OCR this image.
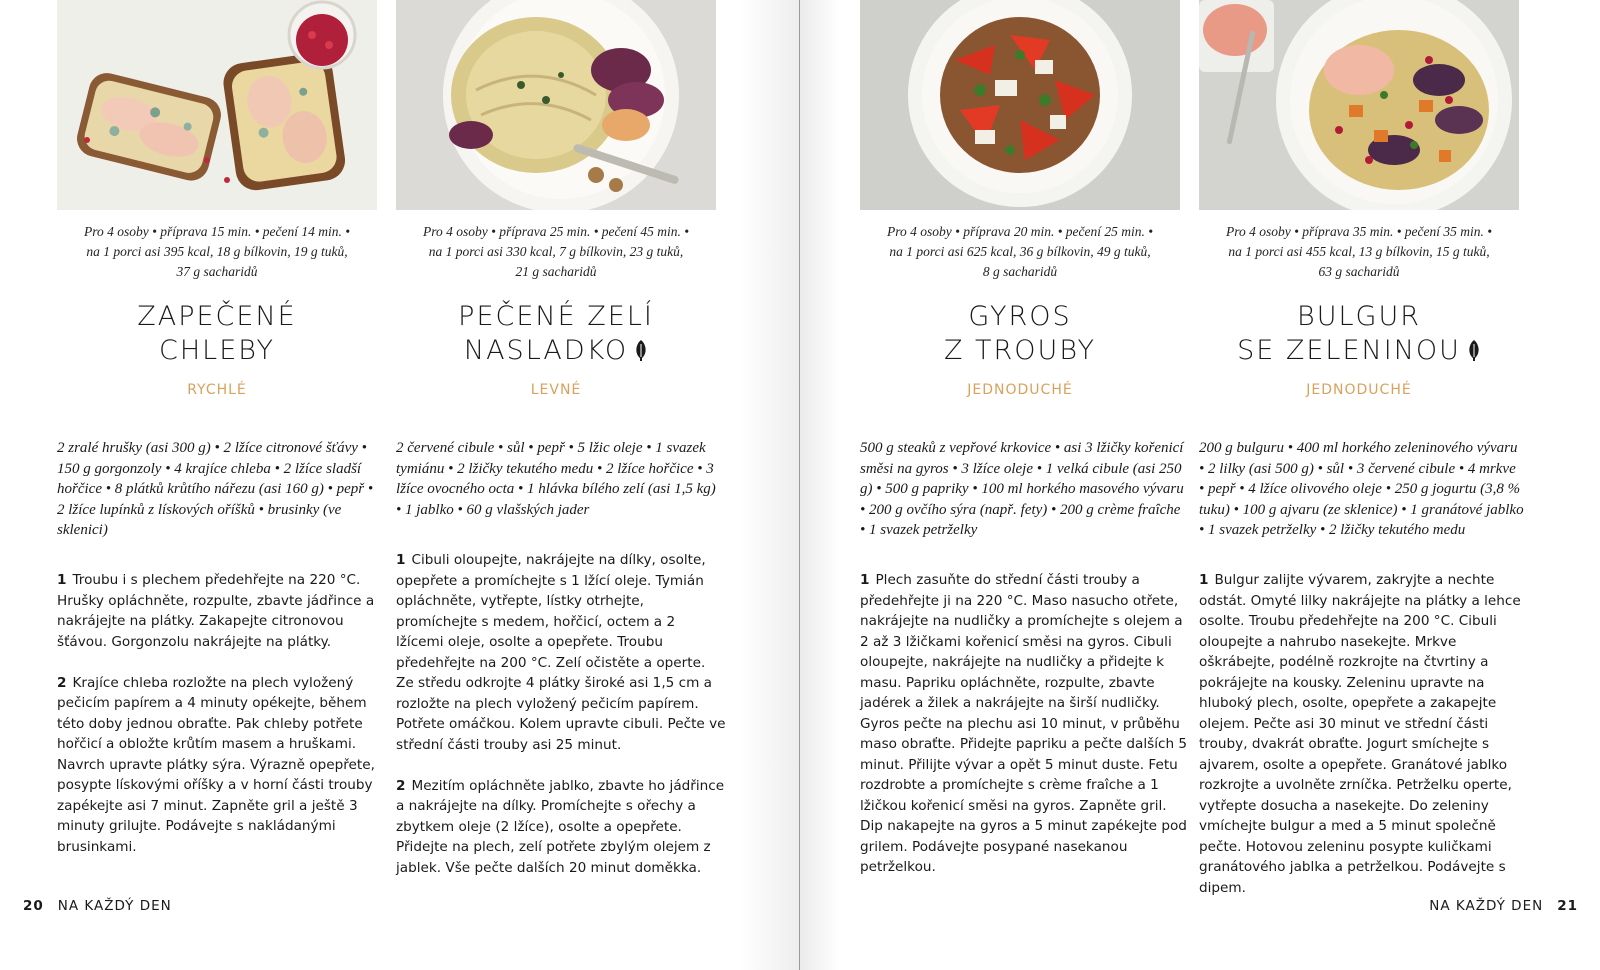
Pro 4 osoby • příprava 15 min. • pečení 14 min. •
na 1 porci asi 395 kcal, 18 g bílkovin, 19 g tuků,
37 g sacharidů
ZAPEČENÉ
CHLEBY
RYCHLÉ
2 zralé hrušky (asi 300 g) • 2 lžíce citronové šťávy • 150 g gorgonzoly • 4 krajíce chleba • 2 lžíce sladší hořčice • 8 plátků krůtího nářezu (asi 160 g) • pepř • 2 lžíce lupínků z lískových oříšků • brusinky (ve sklenici)
1 Troubu i s plechem předehřejte na 220 °C. Hrušky opláchněte, rozpulte, zbavte jádřince a nakrájejte na plátky. Zakapejte citronovou šťávou. Gorgonzolu nakrájejte na plátky.
2 Krajíce chleba rozložte na plech vyložený pečicím papírem a 4 minuty opékejte, během této doby jednou obraťte. Pak chleby potřete hořčicí a obložte krůtím masem a hruškami. Navrch upravte plátky sýra. Výrazně opepřete, posypte lískovými oříšky a v horní části trouby zapékejte asi 7 minut. Zapněte gril a ještě 3 minuty grilujte. Podávejte s nakládanými brusinkami.
Pro 4 osoby • příprava 25 min. • pečení 45 min. •
na 1 porci asi 330 kcal, 7 g bílkovin, 23 g tuků,
21 g sacharidů
PEČENÉ ZELÍ
NASLADKO
LEVNÉ
2 červené cibule • sůl • pepř • 5 lžic oleje • 1 svazek tymiánu • 2 lžičky tekutého medu • 2 lžíce hořčice • 3 lžíce ovocného octa • 1 hlávka bílého zelí (asi 1,5 kg) • 1 jablko • 60 g vlašských jader
1 Cibuli oloupejte, nakrájejte na dílky, osolte, opepřete a promíchejte s 1 lžící oleje. Tymián opláchněte, vytřepte, lístky otrhejte, promíchejte s medem, hořčicí, octem a 2 lžícemi oleje, osolte a opepřete. Troubu předehřejte na 200 °C. Zelí očistěte a operte. Ze středu odkrojte 4 plátky široké asi 1,5 cm a rozložte na plech vyložený pečicím papírem. Potřete omáčkou. Kolem upravte cibuli. Pečte ve střední části trouby asi 25 minut.
2 Mezitím opláchněte jablko, zbavte ho jádřince a nakrájejte na dílky. Promíchejte s ořechy a zbytkem oleje (2 lžíce), osolte a opepřete. Přidejte na plech, zelí potřete zbylým olejem z jablek. Vše pečte dalších 20 minut doměkka.
20 NA KAŽDÝ DEN
Pro 4 osoby • příprava 20 min. • pečení 25 min. •
na 1 porci asi 625 kcal, 36 g bílkovin, 49 g tuků,
8 g sacharidů
GYROS
Z TROUBY
JEDNODUCHÉ
500 g steaků z vepřové krkovice • asi 3 lžičky kořenicí směsi na gyros • 3 lžíce oleje • 1 velká cibule (asi 250 g) • 500 g papriky • 100 ml horkého masového vývaru • 200 g ovčího sýra (např. fety) • 200 g crème fraîche • 1 svazek petrželky
1 Plech zasuňte do střední části trouby a předehřejte ji na 220 °C. Maso nasucho otřete, nakrájejte na nudličky a promíchejte s olejem a 2 až 3 lžičkami kořenicí směsi na gyros. Cibuli oloupejte, nakrájejte na nudličky a přidejte k masu. Papriku opláchněte, rozpulte, zbavte jadérek a žilek a nakrájejte na širší nudličky. Gyros pečte na plechu asi 10 minut, v průběhu maso obraťte. Přidejte papriku a pečte dalších 5 minut. Přilijte vývar a opět 5 minut duste. Fetu rozdrobte a promíchejte s crème fraîche a 1 lžičkou kořenicí směsi na gyros. Zapněte gril. Dip nakapejte na gyros a 5 minut zapékejte pod grilem. Podávejte posypané nasekanou petrželkou.
Pro 4 osoby • příprava 35 min. • pečení 35 min. •
na 1 porci asi 455 kcal, 13 g bílkovin, 15 g tuků,
63 g sacharidů
BULGUR
SE ZELENINOU
JEDNODUCHÉ
200 g bulguru • 400 ml horkého zeleninového vývaru • 2 lilky (asi 500 g) • sůl • 3 červené cibule • 4 mrkve • pepř • 4 lžíce olivového oleje • 250 g jogurtu (3,8 % tuku) • 100 g ajvaru (ze sklenice) • 1 granátové jablko • 1 svazek petrželky • 2 lžičky tekutého medu
1 Bulgur zalijte vývarem, zakryjte a nechte odstát. Omyté lilky nakrájejte na plátky a lehce osolte. Troubu předehřejte na 200 °C. Cibuli oloupejte a nahrubo nasekejte. Mrkve oškrábejte, podélně rozkrojte na čtvrtiny a pokrájejte na kousky. Zeleninu upravte na hluboký plech, osolte, opepřete a zakapejte olejem. Pečte asi 30 minut ve střední části trouby, dvakrát obraťte. Jogurt smíchejte s ajvarem, osolte a opepřete. Granátové jablko rozkrojte a uvolněte zrníčka. Petrželku operte, vytřepte dosucha a nasekejte. Do zeleniny vmíchejte bulgur a med a 5 minut společně pečte. Hotovou zeleninu posypte kuličkami granátového jablka a petrželkou. Podávejte s dipem.
NA KAŽDÝ DEN 21
